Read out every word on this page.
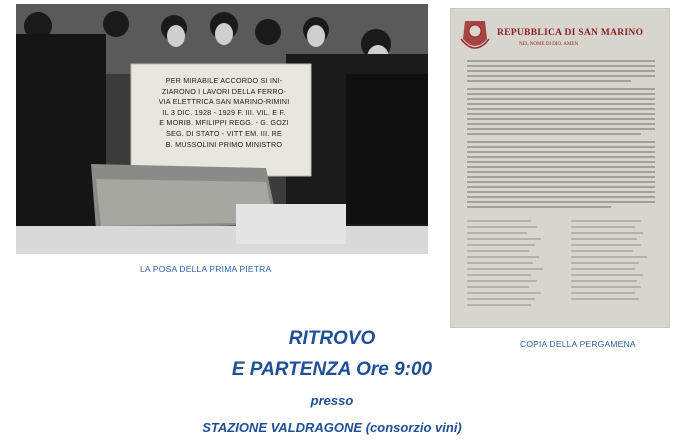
PER MIRABILE ACCORDO SI INI-
ZIARONO I LAVORI DELLA FERRO-
VIA ELETTRICA SAN MARINO-RIMINI
IL 3 DIC. 1928 - 1929 F. III. VIL. E F.
E MORIB. MFILIPPI REGG. - G. GOZI
SEG. DI STATO - VITT EM. III. RE
B. MUSSOLINI PRIMO MINISTRO
LA POSA DELLA PRIMA PIETRA
REPUBBLICA DI SAN MARINO
NEL NOME DI DIO. AMEN
COPIA DELLA PERGAMENA
RITROVO
E PARTENZA Ore 9:00
presso
STAZIONE VALDRAGONE (consorzio vini)
